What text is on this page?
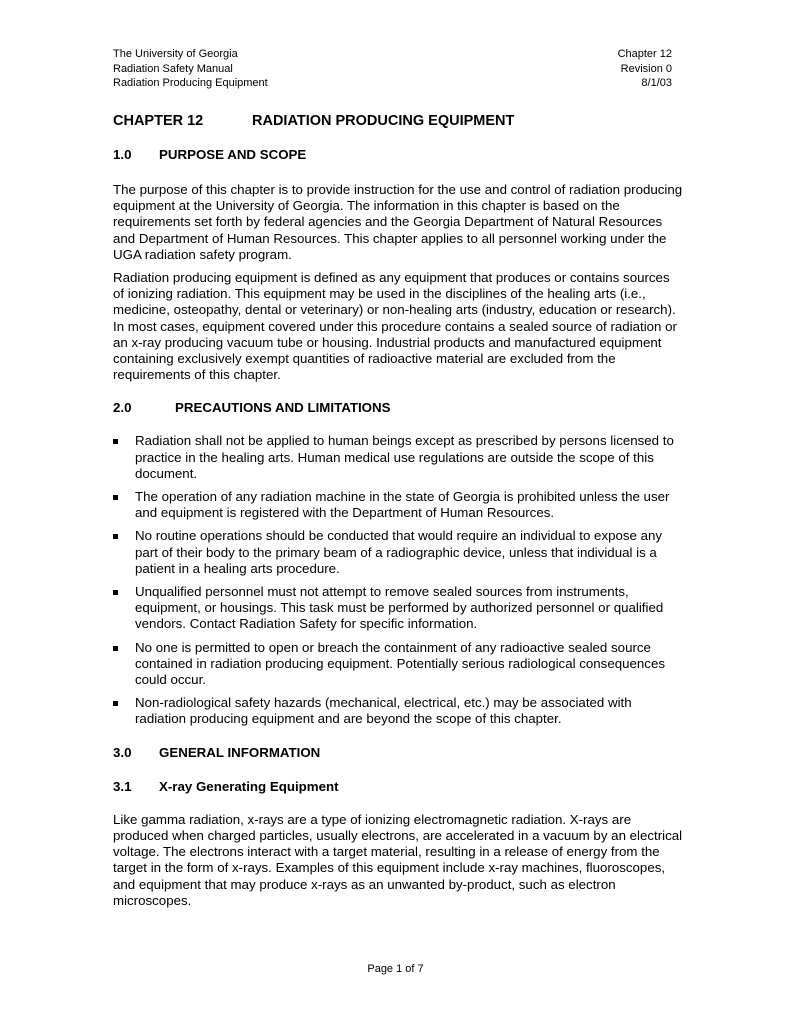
The University of Georgia
Radiation Safety Manual
Radiation Producing Equipment
Chapter 12
Revision 0
8/1/03
CHAPTER 12	RADIATION PRODUCING EQUIPMENT
1.0 PURPOSE AND SCOPE

The purpose of this chapter is to provide instruction for the use and control of radiation producing equipment at the University of Georgia. The information in this chapter is based on the requirements set forth by federal agencies and the Georgia Department of Natural Resources and Department of Human Resources. This chapter applies to all personnel working under the UGA radiation safety program.

Radiation producing equipment is defined as any equipment that produces or contains sources of ionizing radiation. This equipment may be used in the disciplines of the healing arts (i.e., medicine, osteopathy, dental or veterinary) or non-healing arts (industry, education or research). In most cases, equipment covered under this procedure contains a sealed source of radiation or an x-ray producing vacuum tube or housing. Industrial products and manufactured equipment containing exclusively exempt quantities of radioactive material are excluded from the requirements of this chapter.

2.0	PRECAUTIONS AND LIMITATIONS
Radiation shall not be applied to human beings except as prescribed by persons licensed to practice in the healing arts. Human medical use regulations are outside the scope of this document.
The operation of any radiation machine in the state of Georgia is prohibited unless the user and equipment is registered with the Department of Human Resources.
No routine operations should be conducted that would require an individual to expose any part of their body to the primary beam of a radiographic device, unless that individual is a patient in a healing arts procedure.
Unqualified personnel must not attempt to remove sealed sources from instruments, equipment, or housings. This task must be performed by authorized personnel or qualified vendors. Contact Radiation Safety for specific information.
No one is permitted to open or breach the containment of any radioactive sealed source contained in radiation producing equipment. Potentially serious radiological consequences could occur.
Non-radiological safety hazards (mechanical, electrical, etc.) may be associated with radiation producing equipment and are beyond the scope of this chapter.
3.0 GENERAL INFORMATION
3.1 X-ray Generating Equipment

Like gamma radiation, x-rays are a type of ionizing electromagnetic radiation. X-rays are produced when charged particles, usually electrons, are accelerated in a vacuum by an electrical voltage. The electrons interact with a target material, resulting in a release of energy from the target in the form of x-rays. Examples of this equipment include x-ray machines, fluoroscopes, and equipment that may produce x-rays as an unwanted by-product, such as electron microscopes.

Page 1 of 7
